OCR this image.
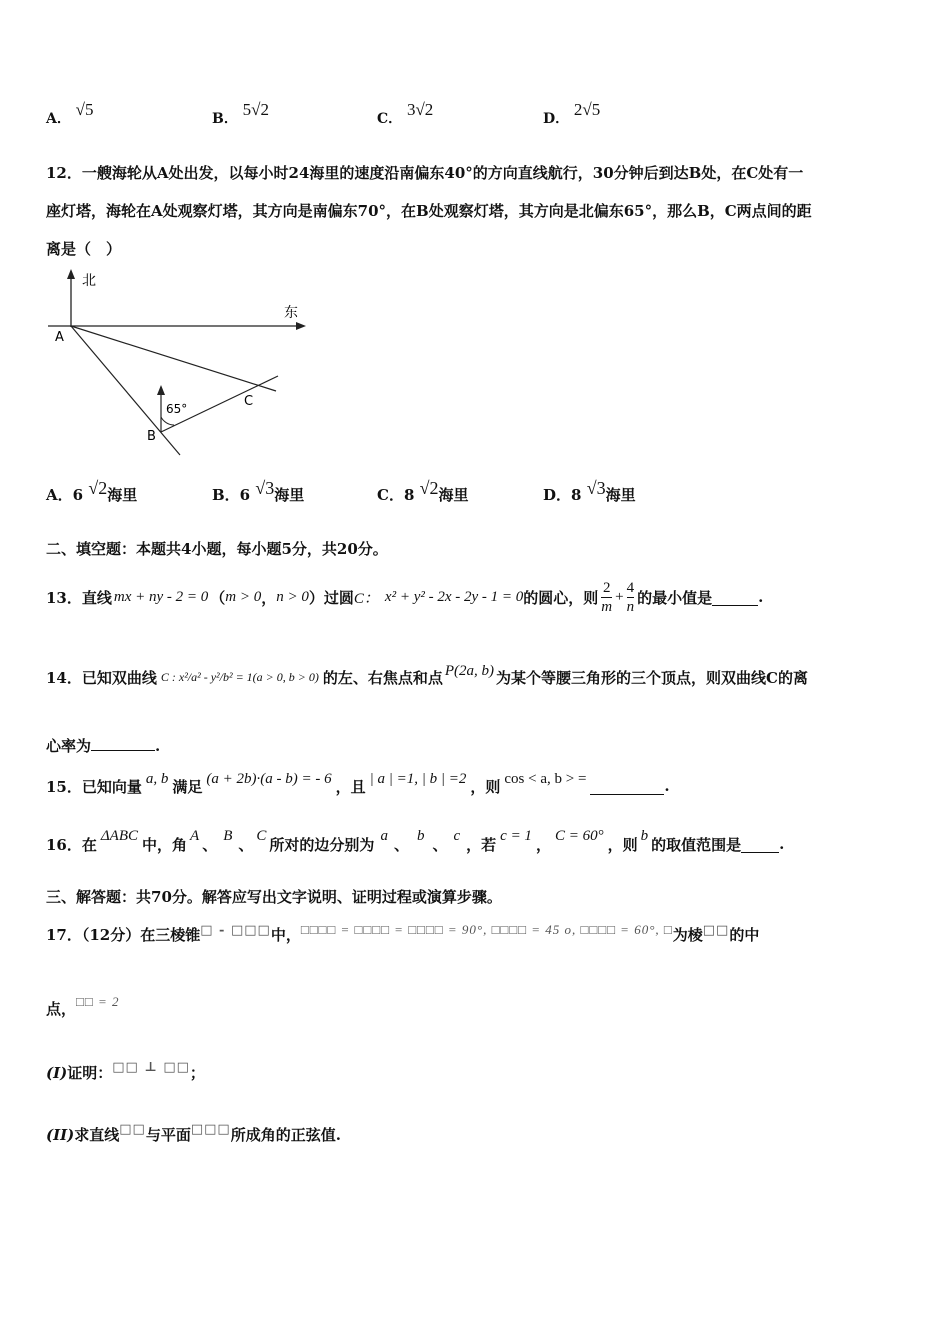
A． √5	B． 5√2	C． 3√2	D． 2√5
12．一艘海轮从A处出发，以每小时24海里的速度沿南偏东40°的方向直线航行，30分钟后到达B处，在C处有一
座灯塔，海轮在A处观察灯塔，其方向是南偏东70°，在B处观察灯塔，其方向是北偏东65°，那么B，C两点间的距
离是（　）
北
东
A
B
C
65°
A．6 √2海里	B．6 √3海里	C．8 √2海里	D．8 √3海里
二、填空题：本题共4小题，每小题5分，共20分。
13．直线 mx + ny - 2 = 0 （ m > 0 ， n > 0 ）过圆 C： x² + y² - 2x - 2y - 1 = 0 的圆心，则 $\frac{2}{m} + \frac{4}{n}$ 的最小值是	.
14．已知双曲线 C : x²/a² - y²/b² = 1(a > 0, b > 0) 的左、右焦点和点 P(2a, b) 为某个等腰三角形的三个顶点，则双曲线C的离
心率为	.
15．已知向量 a, b 满足 (a + 2b)·(a - b) = - 6 ，且 | a | =1, | b | =2 ，则 cos < a, b > =	.
16．在 ΔABC 中，角 A 、 B 、 C 所对的边分别为 a 、 b 、 c ，若 c = 1 ， C = 60° ，则 b 的取值范围是	.
三、解答题：共70分。解答应写出文字说明、证明过程或演算步骤。
17．（12分）在三棱锥□ - □□□中，□□□□ = □□□□ = □□□□ = 90°, □□□□ = 45 o, □□□□ = 60°, □为棱□□的中
点，□□ = 2
(I)证明：□□ ⊥ □□；
(II)求直线□□与平面□□□所成角的正弦值.
